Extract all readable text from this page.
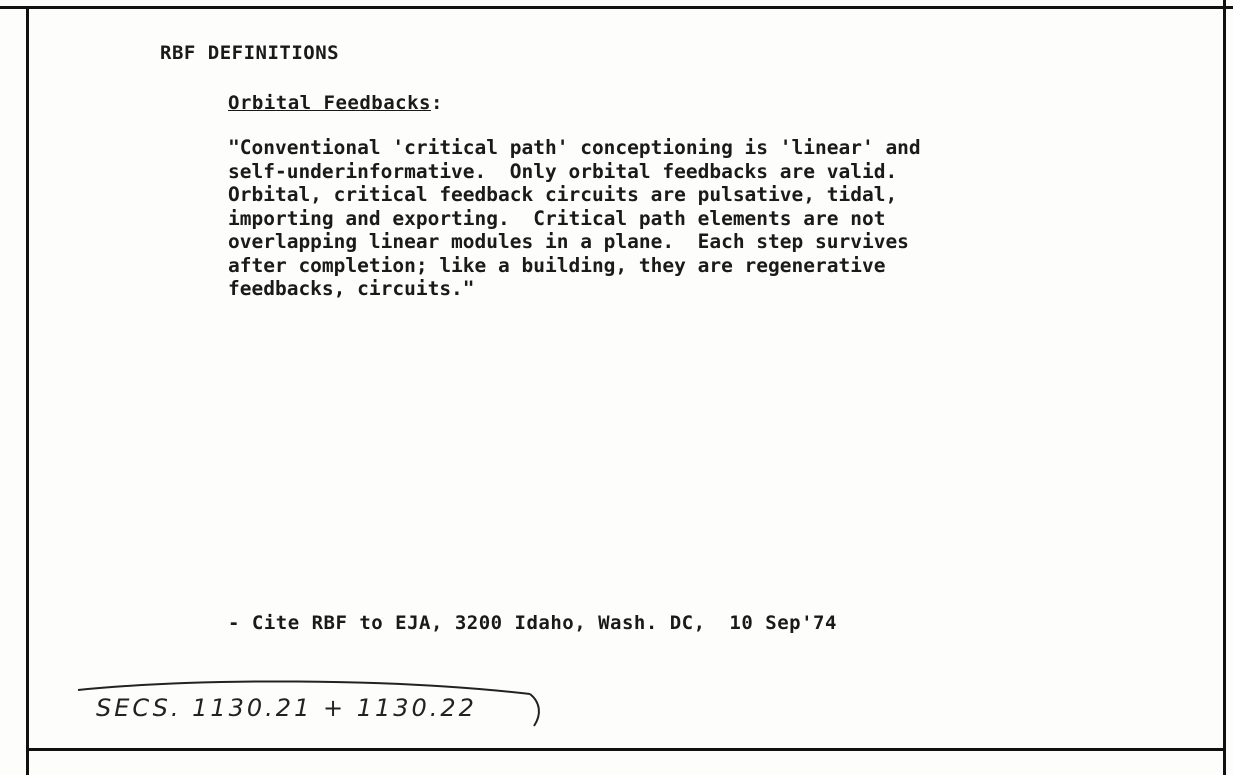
RBF DEFINITIONS

Orbital Feedbacks:

"Conventional 'critical path' conceptioning is 'linear' and
self-underinformative.  Only orbital feedbacks are valid.
Orbital, critical feedback circuits are pulsative, tidal,
importing and exporting.  Critical path elements are not
overlapping linear modules in a plane.  Each step survives
after completion; like a building, they are regenerative
feedbacks, circuits."

- Cite RBF to EJA, 3200 Idaho, Wash. DC,  10 Sep'74

SECS. 1130.21 + 1130.22
